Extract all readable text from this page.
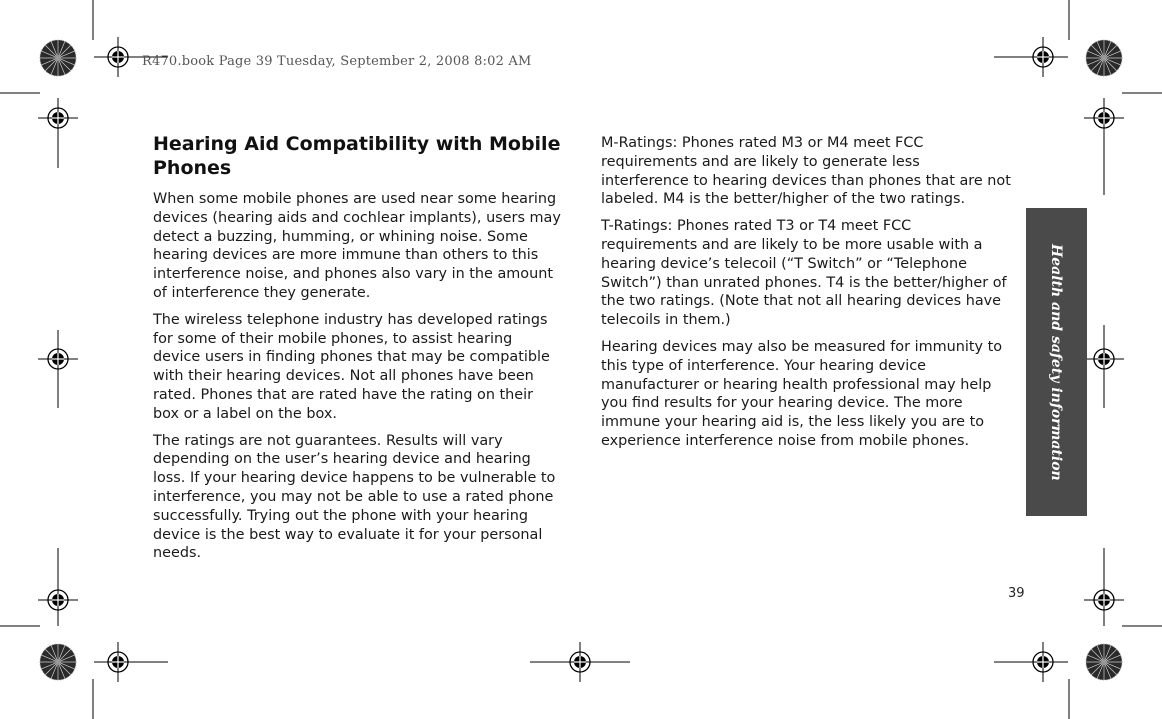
R470.book Page 39 Tuesday, September 2, 2008 8:02 AM
Hearing Aid Compatibility with Mobile Phones

When some mobile phones are used near some hearing devices (hearing aids and cochlear implants), users may detect a buzzing, humming, or whining noise. Some hearing devices are more immune than others to this interference noise, and phones also vary in the amount of interference they generate.

The wireless telephone industry has developed ratings for some of their mobile phones, to assist hearing device users in finding phones that may be compatible with their hearing devices. Not all phones have been rated. Phones that are rated have the rating on their box or a label on the box.

The ratings are not guarantees. Results will vary depending on the user’s hearing device and hearing loss. If your hearing device happens to be vulnerable to interference, you may not be able to use a rated phone successfully. Trying out the phone with your hearing device is the best way to evaluate it for your personal needs.

M-Ratings: Phones rated M3 or M4 meet FCC requirements and are likely to generate less interference to hearing devices than phones that are not labeled. M4 is the better/higher of the two ratings.

T-Ratings: Phones rated T3 or T4 meet FCC requirements and are likely to be more usable with a hearing device’s telecoil (“T Switch” or “Telephone Switch”) than unrated phones. T4 is the better/higher of the two ratings. (Note that not all hearing devices have telecoils in them.)

Hearing devices may also be measured for immunity to this type of interference. Your hearing device manufacturer or hearing health professional may help you find results for your hearing device. The more immune your hearing aid is, the less likely you are to experience interference noise from mobile phones.	Health and safety information
39
